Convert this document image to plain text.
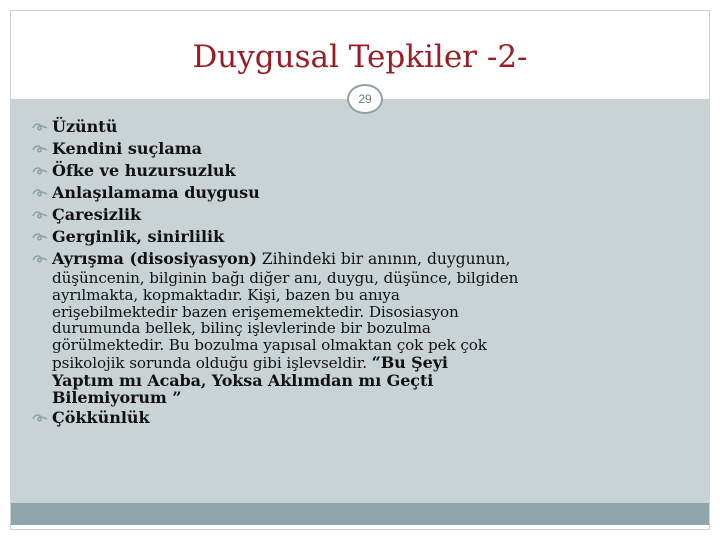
Duygusal Tepkiler -2-
29
Üzüntü
Kendini suçlama
Öfke ve huzursuzluk
Anlaşılamama duygusu
Çaresizlik
Gerginlik, sinirlilik
Ayrışma (disosiyasyon) Zihindeki bir anının, duygunun,
düşüncenin, bilginin bağı diğer anı, duygu, düşünce, bilgiden
ayrılmakta, kopmaktadır. Kişi, bazen bu anıya
erişebilmektedir bazen erişememektedir. Disosiasyon
durumunda bellek, bilinç işlevlerinde bir bozulma
görülmektedir. Bu bozulma yapısal olmaktan çok pek çok
psikolojik sorunda olduğu gibi işlevseldir. “Bu Şeyi
Yaptım mı Acaba, Yoksa Aklımdan mı Geçti
Bilemiyorum ”
Çökkünlük
